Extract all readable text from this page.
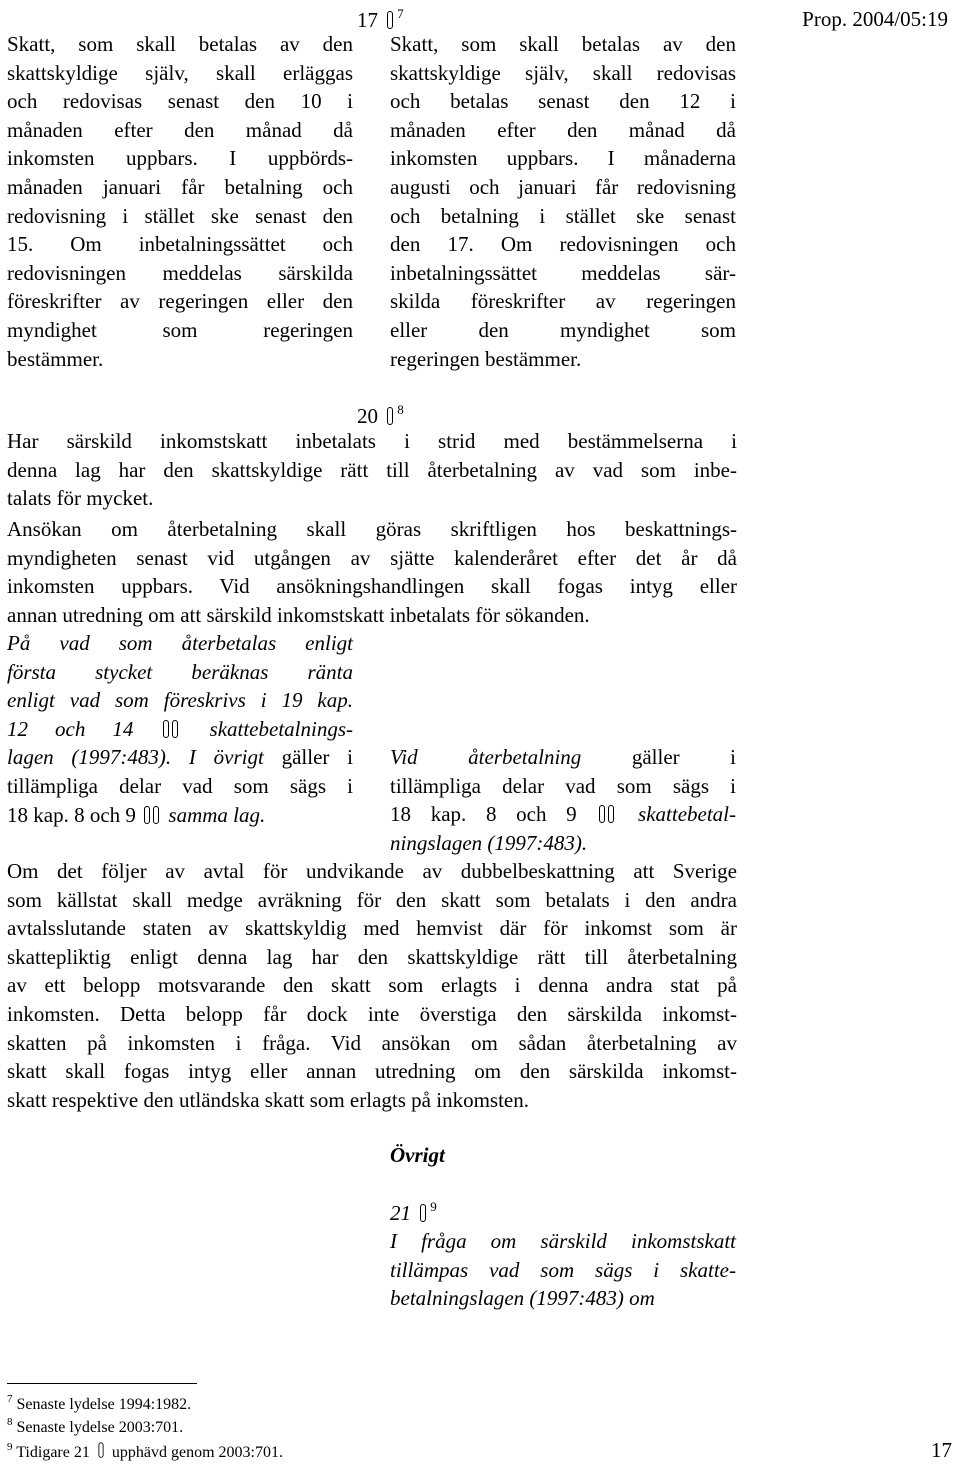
Prop. 2004/05:19
17 $^7$
Skatt, som skall betalas av den
skattskyldige själv, skall erläggas
och redovisas senast den 10 i
månaden efter den månad då
inkomsten uppbars. I uppbörds-
månaden januari får betalning och
redovisning i stället ske senast den
15. Om inbetalningssättet och
redovisningen meddelas särskilda
föreskrifter av regeringen eller den
myndighet som regeringen
bestämmer.
Skatt, som skall betalas av den
skattskyldige själv, skall redovisas
och betalas senast den 12 i
månaden efter den månad då
inkomsten uppbars. I månaderna
augusti och januari får redovisning
och betalning i stället ske senast
den 17. Om redovisningen och
inbetalningssättet meddelas sär-
skilda föreskrifter av regeringen
eller den myndighet som
regeringen bestämmer.
20 $^8$
Har särskild inkomstskatt inbetalats i strid med bestämmelserna i
denna lag har den skattskyldige rätt till återbetalning av vad som inbe-
talats för mycket.
Ansökan om återbetalning skall göras skriftligen hos beskattnings-
myndigheten senast vid utgången av sjätte kalenderåret efter det år då
inkomsten uppbars. Vid ansökningshandlingen skall fogas intyg eller
annan utredning om att särskild inkomstskatt inbetalats för sökanden.
På vad som återbetalas enligt
första stycket beräknas ränta
enligt vad som föreskrivs i 19 kap.
12 och 14	skattebetalnings-
lagen (1997:483). I övrigt gäller i
tillämpliga delar vad som sägs i
18 kap. 8 och 9 samma lag.
Vid återbetalning gäller i
tillämpliga delar vad som sägs i
18 kap. 8 och 9	skattebetal-
ningslagen (1997:483).
Om det följer av avtal för undvikande av dubbelbeskattning att Sverige
som källstat skall medge avräkning för den skatt som betalats i den andra
avtalsslutande staten av skattskyldig med hemvist där för inkomst som är
skattepliktig enligt denna lag har den skattskyldige rätt till återbetalning
av ett belopp motsvarande den skatt som erlagts i denna andra stat på
inkomsten. Detta belopp får dock inte överstiga den särskilda inkomst-
skatten på inkomsten i fråga. Vid ansökan om sådan återbetalning av
skatt skall fogas intyg eller annan utredning om den särskilda inkomst-
skatt respektive den utländska skatt som erlagts på inkomsten.
Övrigt
21 $^9$
I fråga om särskild inkomstskatt
tillämpas vad som sägs i skatte-
betalningslagen (1997:483) om
$^7$ Senaste lydelse 1994:1982.
$^8$ Senaste lydelse 2003:701.
$^9$ Tidigare 21 upphävd genom 2003:701.	17
